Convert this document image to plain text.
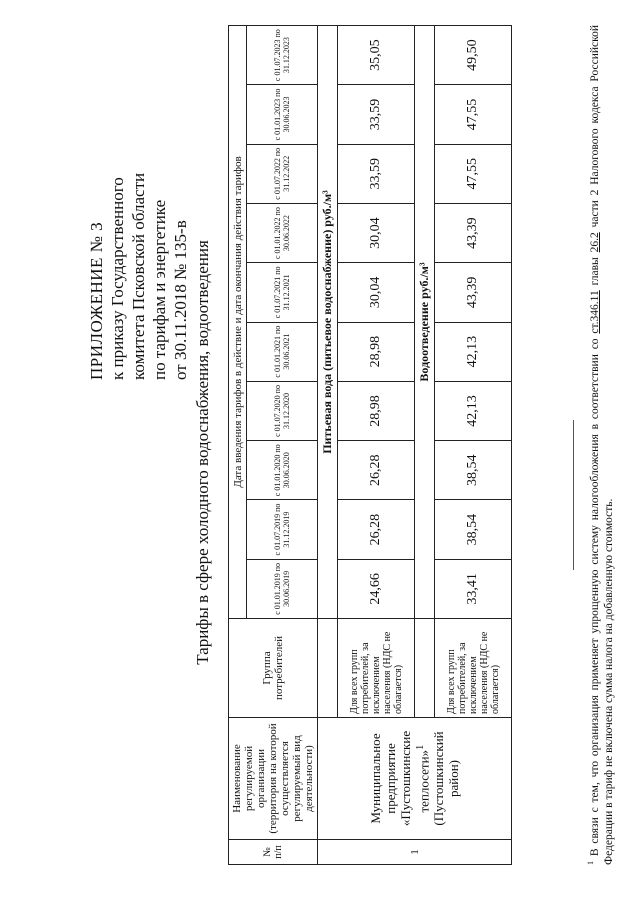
ПРИЛОЖЕНИЕ № 3 к приказу Государственного комитета Псковской области по тарифам и энергетике от 30.11.2018 № 135-в Тарифы в сфере холодного водоснабжения, водоотведения
№ п/п	Наименование регулируемой организации (территория на которой осуществляется регулируемый вид деятельности)	Группа потребителей	Дата введения тарифов в действие и дата окончания действия тарифов									
			с 01.01.2019 по 30.06.2019	с 01.07.2019 по 31.12.2019	с 01.01.2020 по 30.06.2020	с 01.07.2020 по 31.12.2020	с 01.01.2021 по 30.06.2021	с 01.07.2021 по 31.12.2021	с 01.01.2022 по 30.06.2022	с 01.07.2022 по 31.12.2022	с 01.01.2023 по 30.06.2023	с 01.07.2023 по 31.12.2023
1	Муниципальное предприятие «Пустошкинские теплосети»$^1$ (Пустошкинский район)		Питьевая вода (питьевое водоснабжение) руб./м³									
		Для всех групп потребителей, за исключением населения (НДС не облагается)	24,66	26,28	26,28	28,98	28,98	30,04	30,04	33,59	33,59	35,05
			Водоотведение руб./м³									
		Для всех групп потребителей, за исключением населения (НДС не облагается)	33,41	38,54	38,54	42,13	42,13	43,39	43,39	47,55	47,55	49,50
$^1$ В связи с тем, что организация применяет упрощенную систему налогообложения в соответствии со ст.346.11 главы 26.2 части 2 Налогового кодекса Российской Федерации в тариф не включена сумма налога на добавленную стоимость.
